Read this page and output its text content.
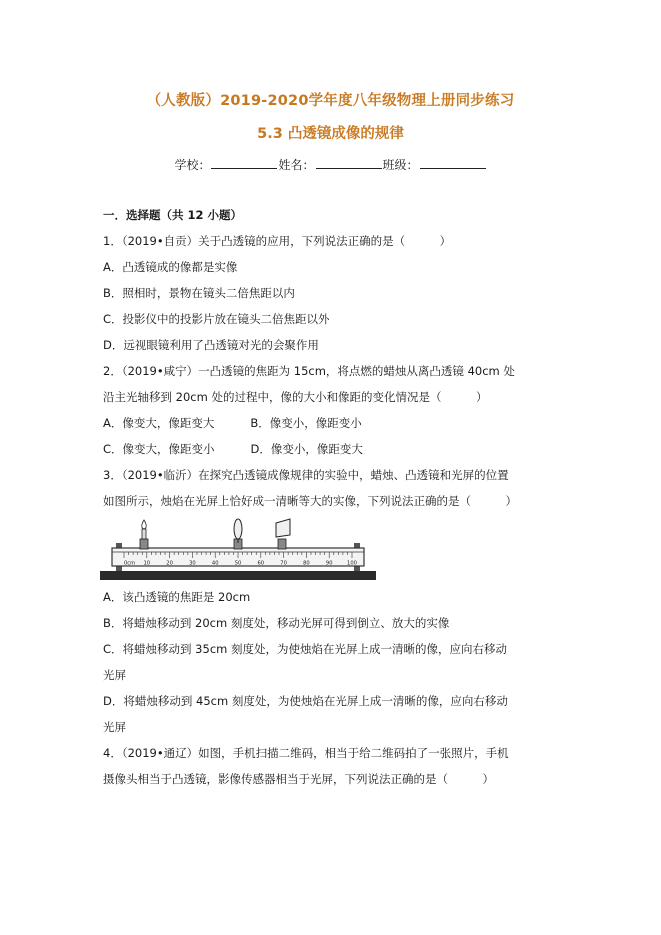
（人教版）2019-2020学年度八年级物理上册同步练习
5.3 凸透镜成像的规律
学校：	姓名：	班级：
一．选择题（共 12 小题）
1．（2019•自贡）关于凸透镜的应用，下列说法正确的是（　　　）
A．凸透镜成的像都是实像
B．照相时，景物在镜头二倍焦距以内
C．投影仪中的投影片放在镜头二倍焦距以外
D．远视眼镜利用了凸透镜对光的会聚作用
2．（2019•咸宁）一凸透镜的焦距为 15cm，将点燃的蜡烛从离凸透镜 40cm 处
沿主光轴移到 20cm 处的过程中，像的大小和像距的变化情况是（　　　）
A．像变大，像距变大	B．像变小，像距变小
C．像变大，像距变小	D．像变小，像距变大
3．（2019•临沂）在探究凸透镜成像规律的实验中，蜡烛、凸透镜和光屏的位置
如图所示，烛焰在光屏上恰好成一清晰等大的实像，下列说法正确的是（　　　）
0cm 10	20	30	40	50	60	70	80	90	100
A．该凸透镜的焦距是 20cm
B．将蜡烛移动到 20cm 刻度处，移动光屏可得到倒立、放大的实像
C．将蜡烛移动到 35cm 刻度处，为使烛焰在光屏上成一清晰的像，应向右移动
光屏
D．将蜡烛移动到 45cm 刻度处，为使烛焰在光屏上成一清晰的像，应向右移动
光屏
4．（2019•通辽）如图，手机扫描二维码，相当于给二维码拍了一张照片，手机
摄像头相当于凸透镜，影像传感器相当于光屏，下列说法正确的是（　　　）
